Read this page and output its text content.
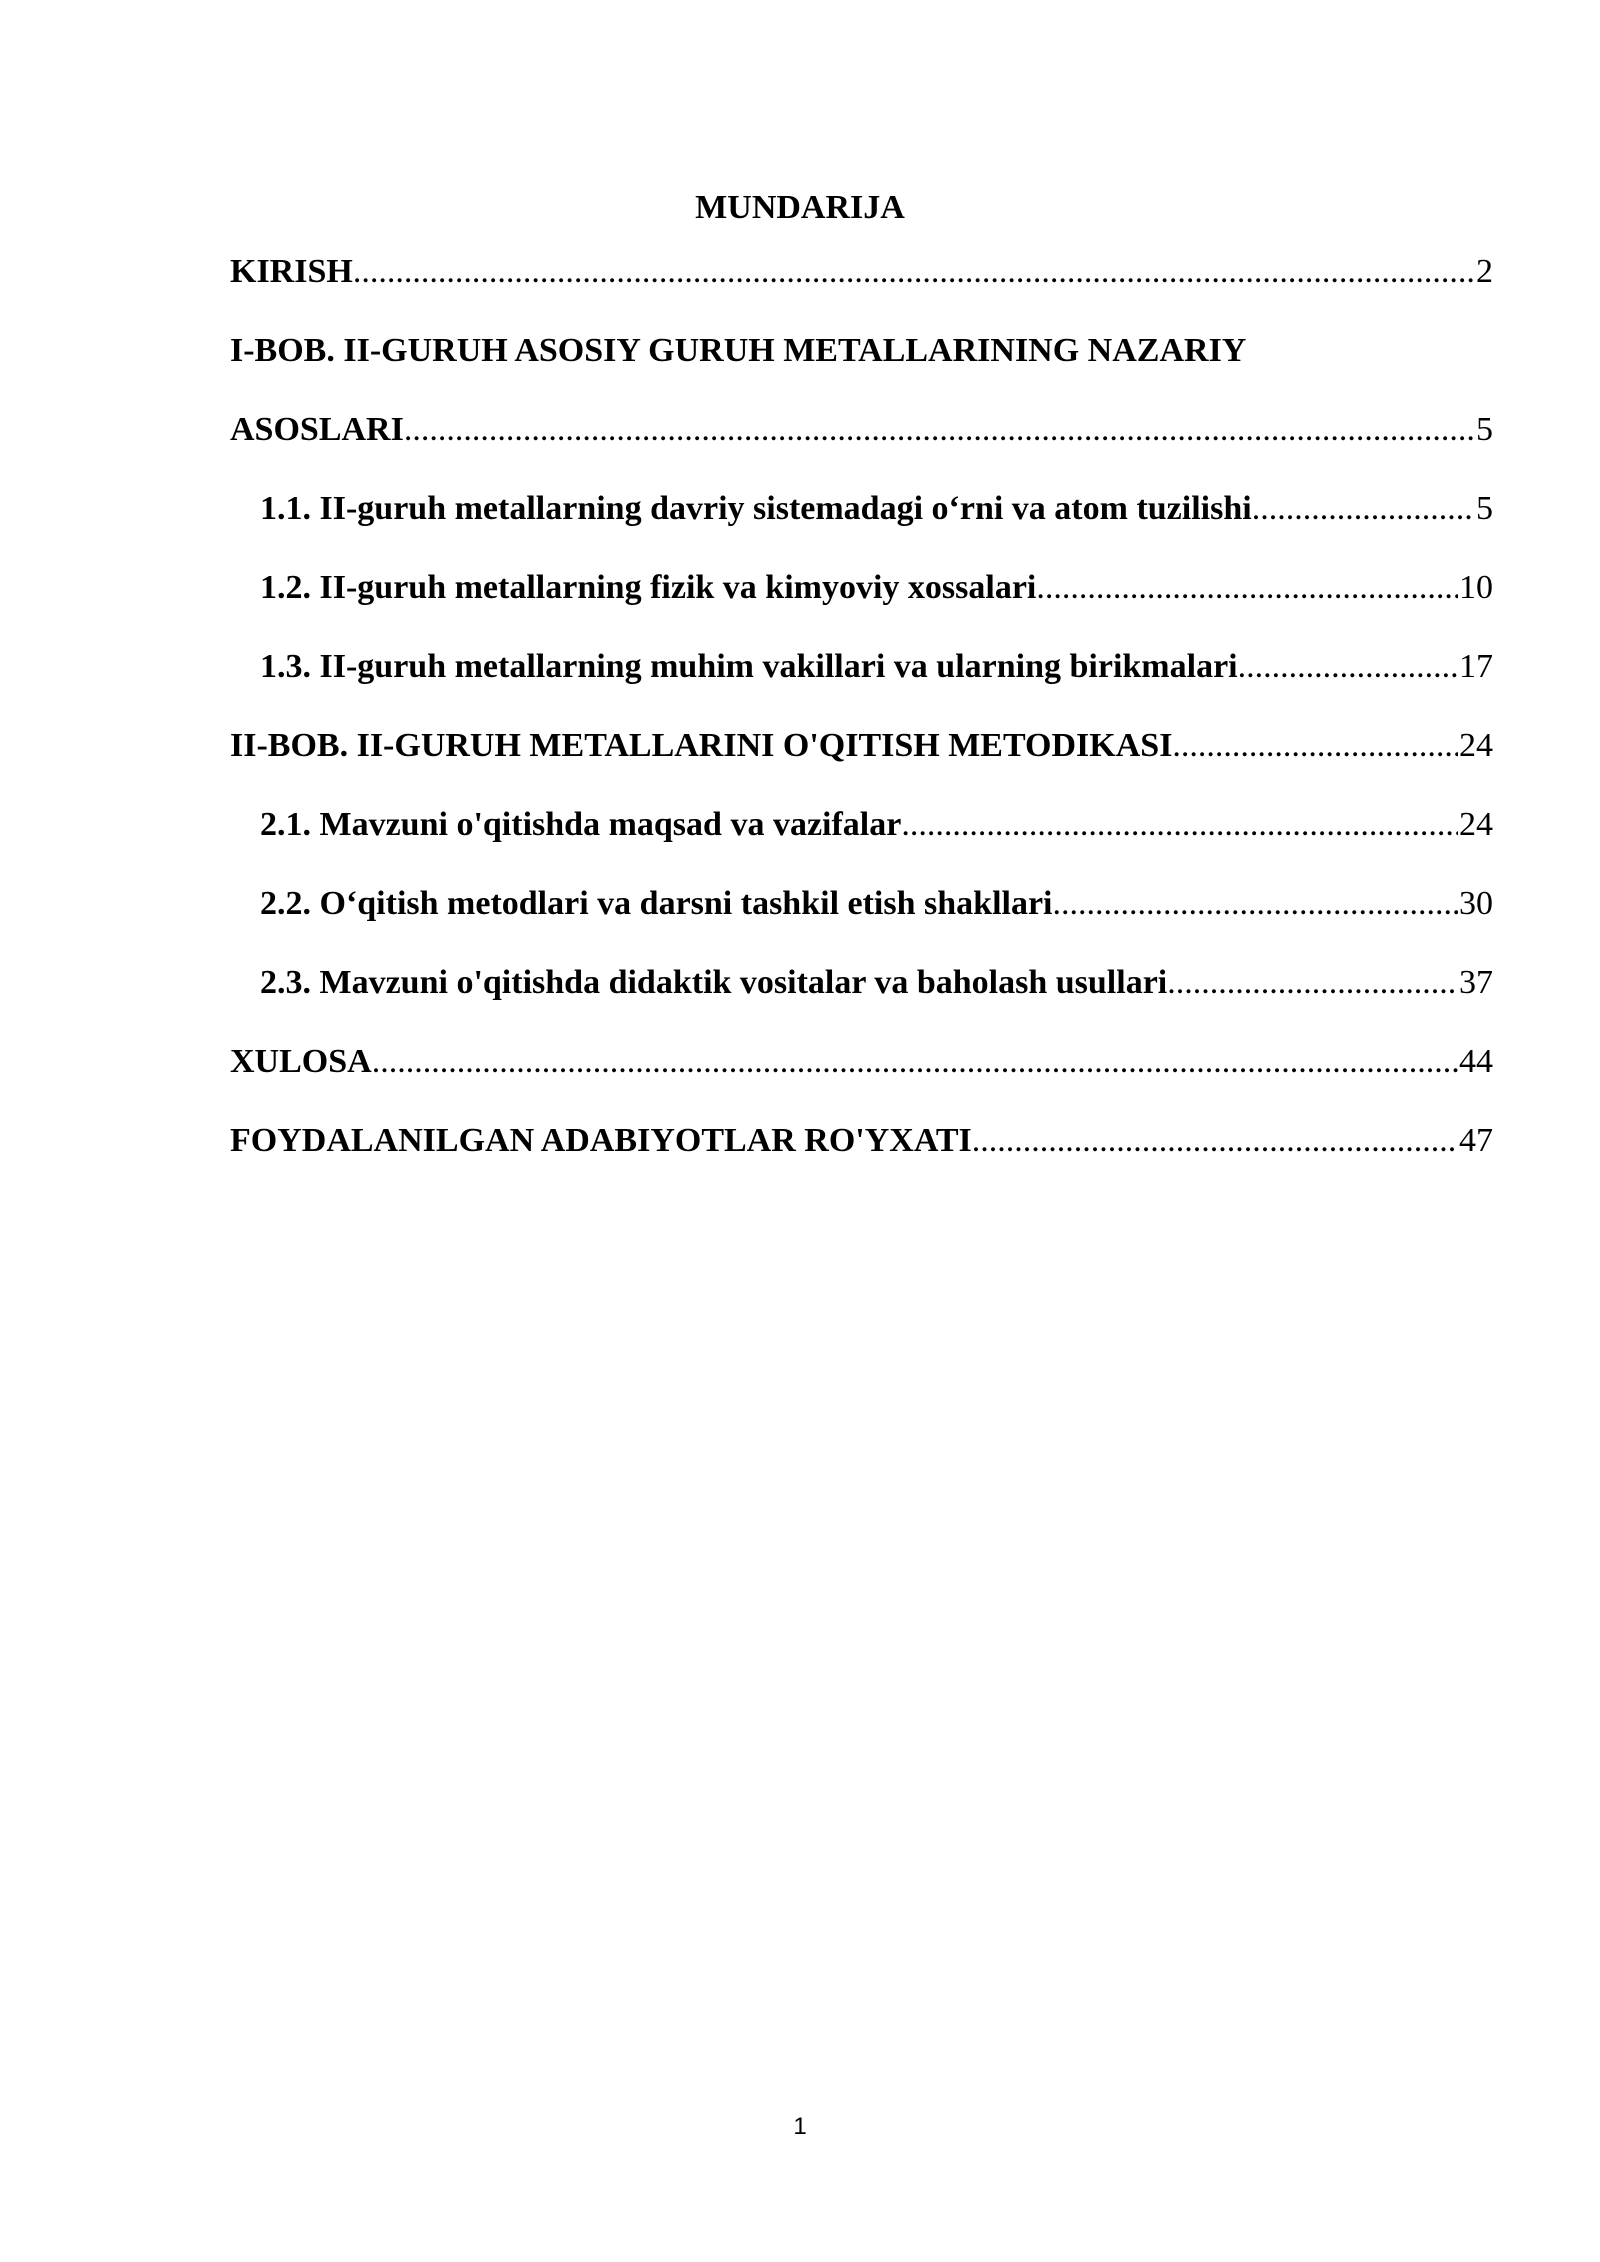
MUNDARIJA
KIRISH .....	2
I-BOB. II-GURUH ASOSIY GURUH METALLARINING NAZARIY
ASOSLARI .....	5
1.1. II-guruh metallarning davriy sistemadagi o‘rni va atom tuzilishi .....	5
1.2. II-guruh metallarning fizik va kimyoviy xossalari .....	10
1.3. II-guruh metallarning muhim vakillari va ularning birikmalari .....	17
II-BOB. II-GURUH METALLARINI O'QITISH METODIKASI .....	24
2.1. Mavzuni o'qitishda maqsad va vazifalar .....	24
2.2. O‘qitish metodlari va darsni tashkil etish shakllari .....	30
2.3. Mavzuni o'qitishda didaktik vositalar va baholash usullari .....	37
XULOSA .....	44
FOYDALANILGAN ADABIYOTLAR RO'YXATI .....	47
1
